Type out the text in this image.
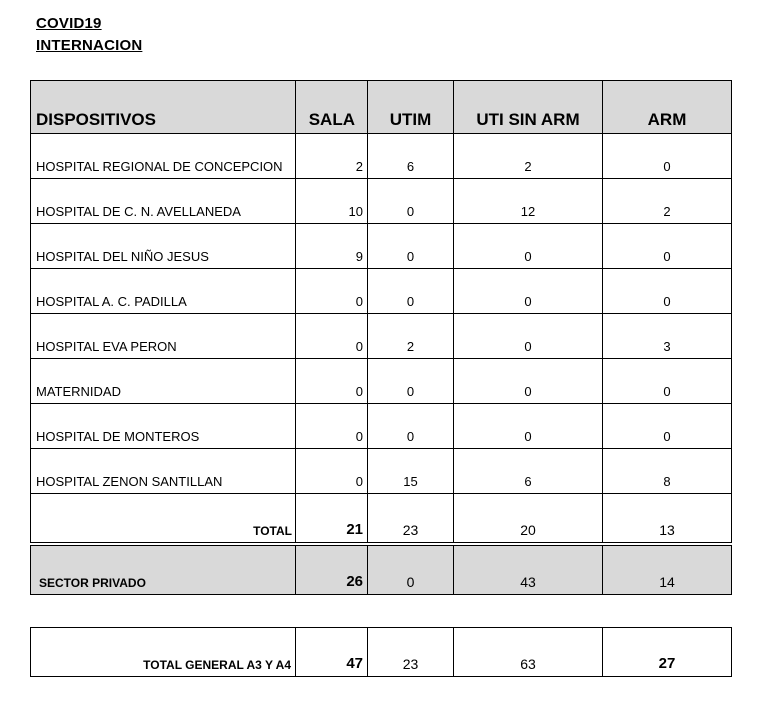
COVID19
INTERNACION
DISPOSITIVOS	SALA	UTIM	UTI SIN ARM	ARM
HOSPITAL REGIONAL DE CONCEPCION	2	6	2	0
HOSPITAL DE C. N. AVELLANEDA	10	0	12	2
HOSPITAL DEL NIÑO JESUS	9	0	0	0
HOSPITAL A. C. PADILLA	0	0	0	0
HOSPITAL EVA PERON	0	2	0	3
MATERNIDAD	0	0	0	0
HOSPITAL DE MONTEROS	0	0	0	0
HOSPITAL ZENON SANTILLAN	0	15	6	8
TOTAL	21	23	20	13
SECTOR PRIVADO	26	0	43	14
TOTAL GENERAL A3 Y A4	47	23	63	27
